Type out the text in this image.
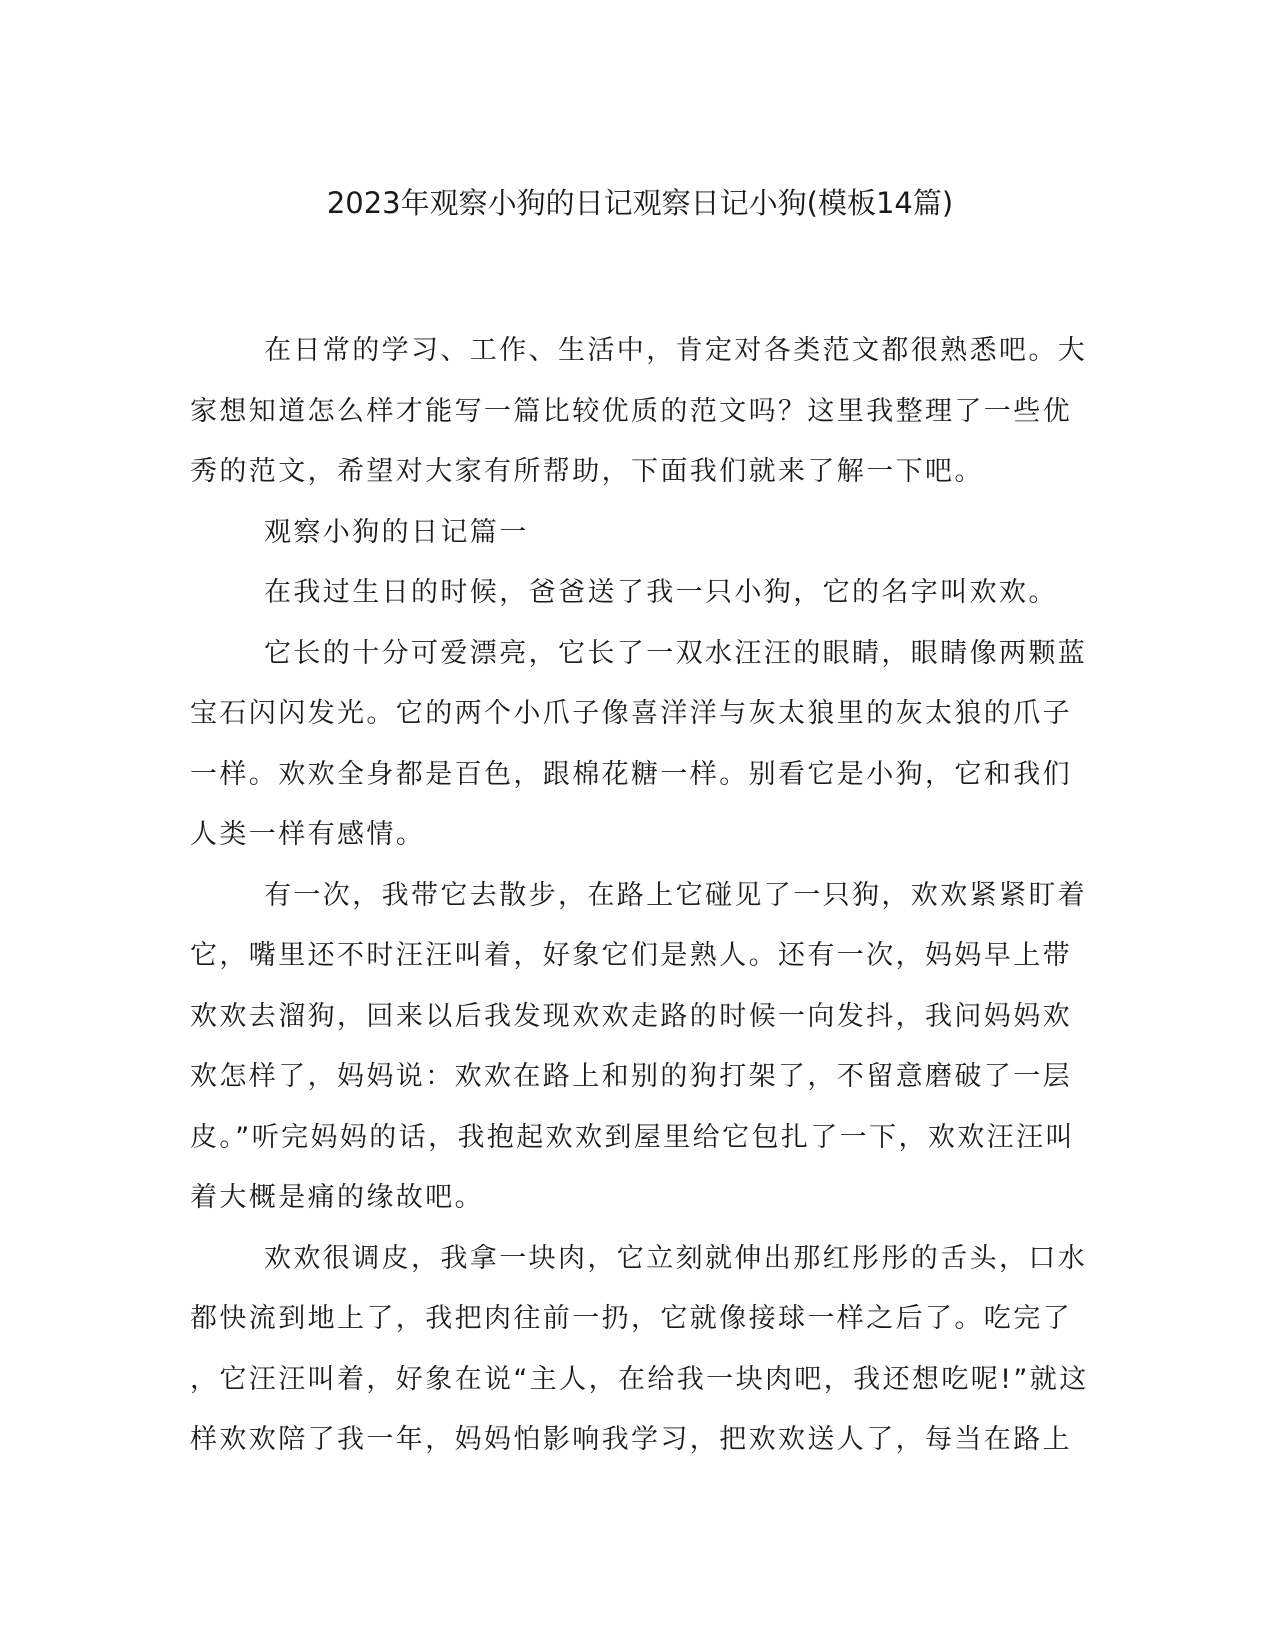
2023年观察小狗的日记观察日记小狗(模板14篇)
在日常的学习、工作、生活中，肯定对各类范文都很熟悉吧。大
家想知道怎么样才能写一篇比较优质的范文吗？这里我整理了一些优
秀的范文，希望对大家有所帮助，下面我们就来了解一下吧。
观察小狗的日记篇一
在我过生日的时候，爸爸送了我一只小狗，它的名字叫欢欢。
它长的十分可爱漂亮，它长了一双水汪汪的眼睛，眼睛像两颗蓝
宝石闪闪发光。它的两个小爪子像喜洋洋与灰太狼里的灰太狼的爪子
一样。欢欢全身都是百色，跟棉花糖一样。别看它是小狗，它和我们
人类一样有感情。
有一次，我带它去散步，在路上它碰见了一只狗，欢欢紧紧盯着
它，嘴里还不时汪汪叫着，好象它们是熟人。还有一次，妈妈早上带
欢欢去溜狗，回来以后我发现欢欢走路的时候一向发抖，我问妈妈欢
欢怎样了，妈妈说：欢欢在路上和别的狗打架了，不留意磨破了一层
皮。”听完妈妈的话，我抱起欢欢到屋里给它包扎了一下，欢欢汪汪叫
着大概是痛的缘故吧。
欢欢很调皮，我拿一块肉，它立刻就伸出那红彤彤的舌头，口水
都快流到地上了，我把肉往前一扔，它就像接球一样之后了。吃完了
，它汪汪叫着，好象在说“主人，在给我一块肉吧，我还想吃呢!”就这
样欢欢陪了我一年，妈妈怕影响我学习，把欢欢送人了，每当在路上
